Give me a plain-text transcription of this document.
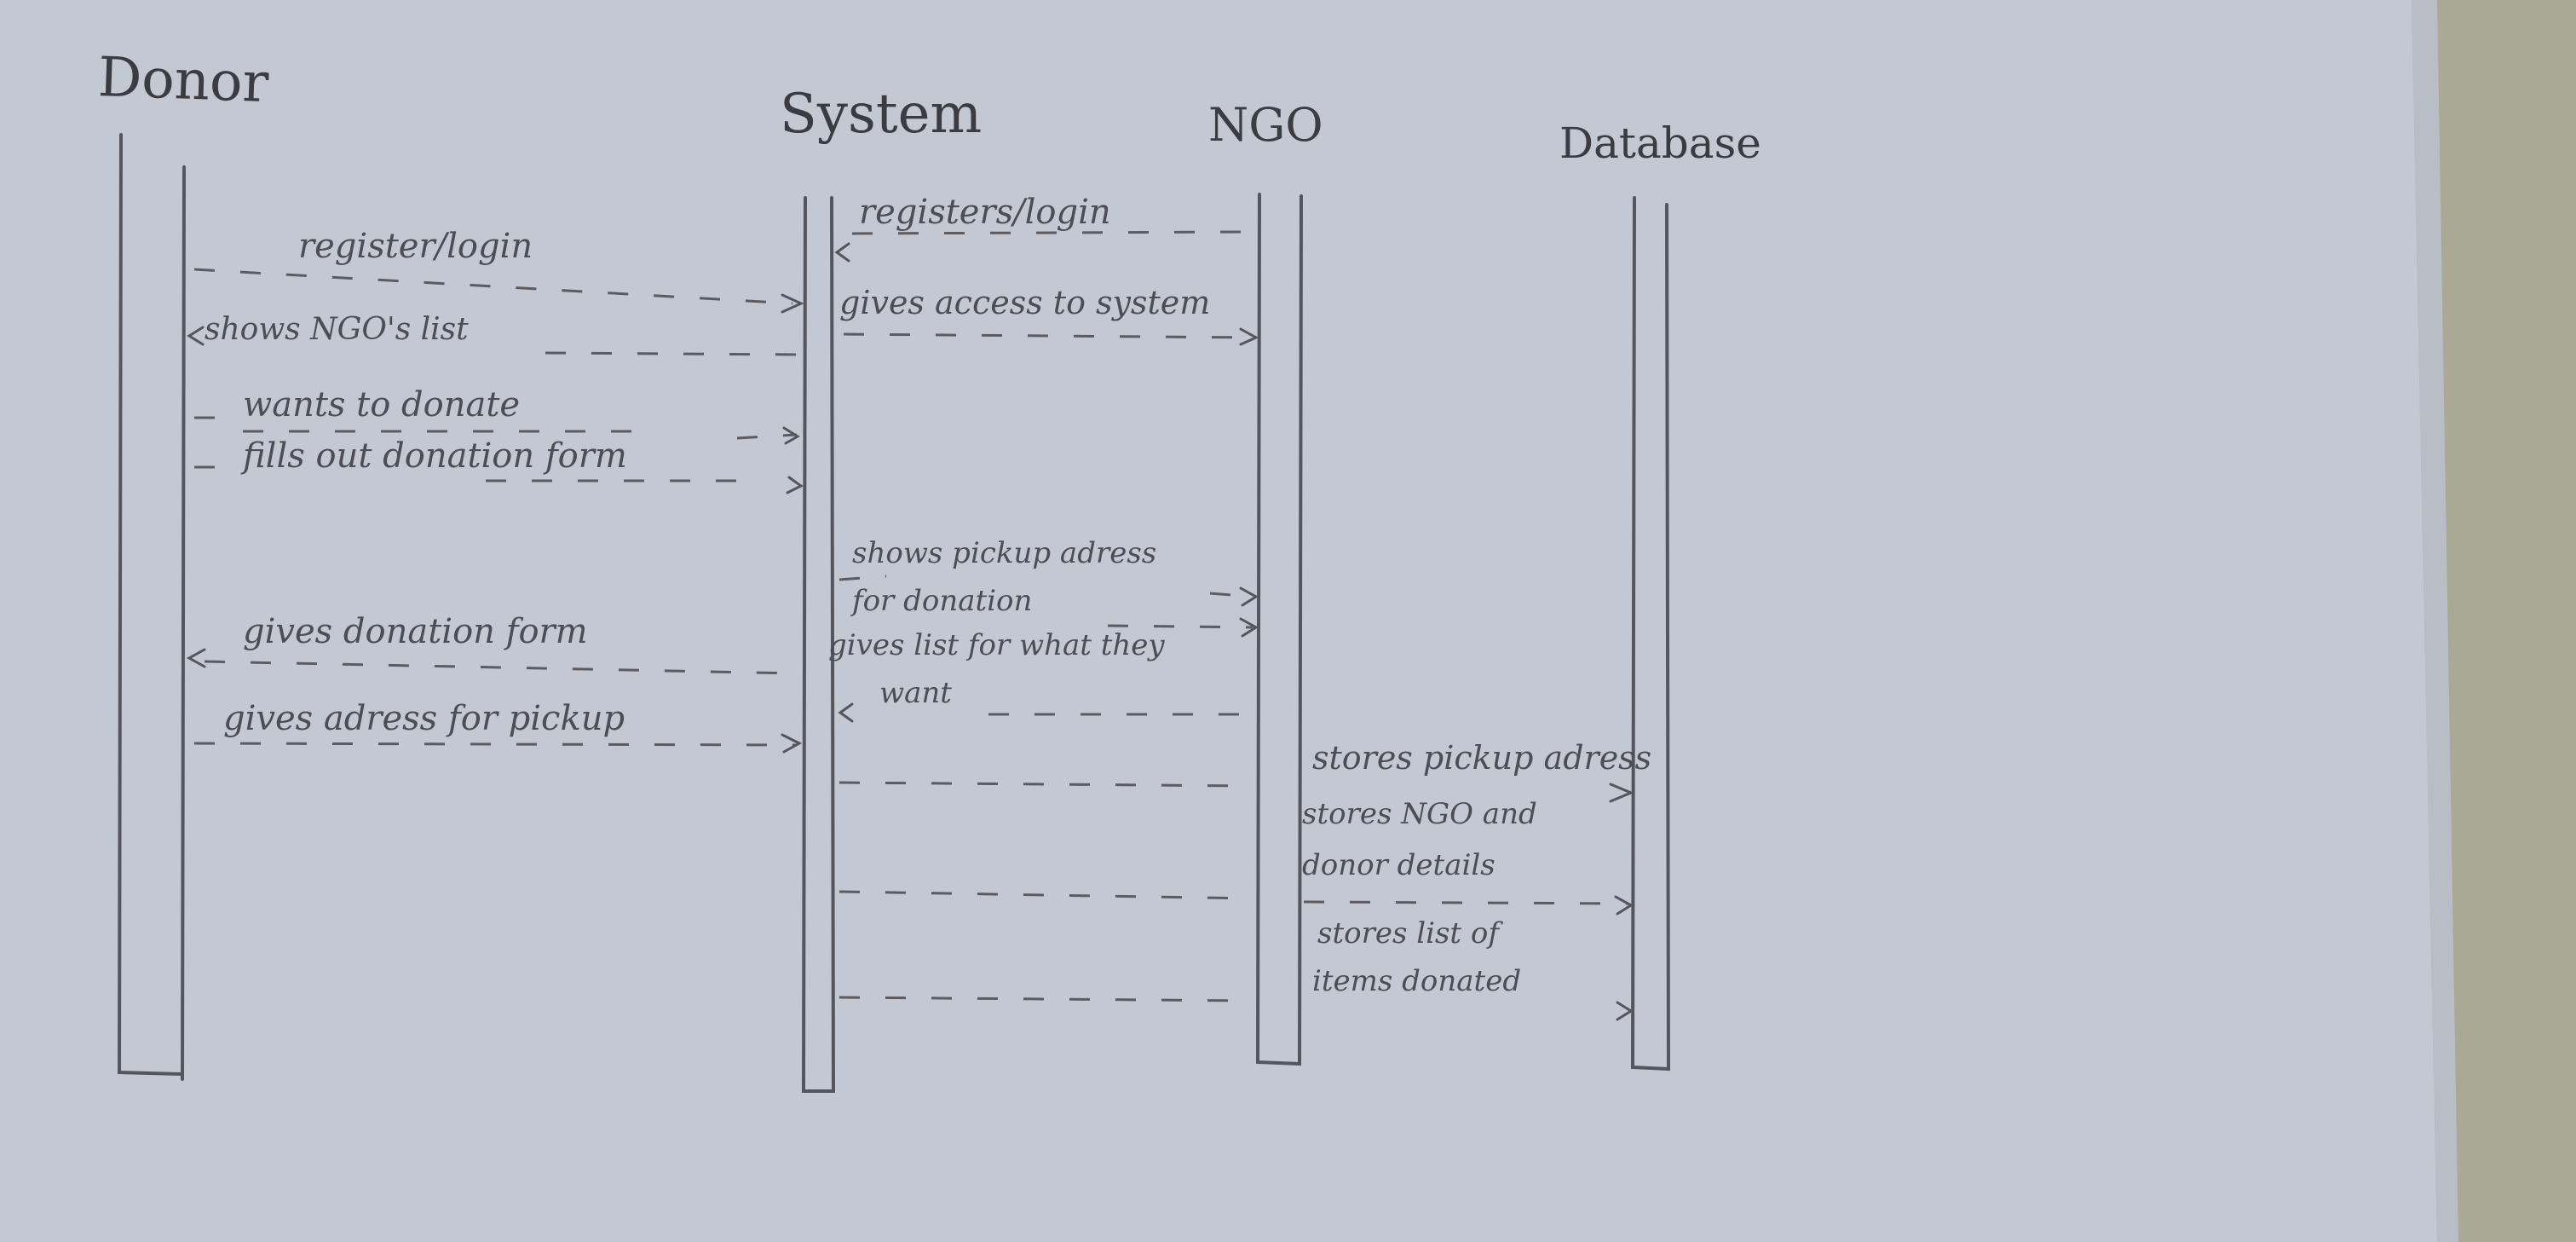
Donor	System	NGO	Database
register/login
registers/login
gives access to system
shows NGO's list
wants to donate
fills out donation form
shows pickup adress
for donation
gives donation form	gives list for what they
want
gives adress for pickup
stores pickup adress
stores NGO and
donor details
stores list of
items donated
